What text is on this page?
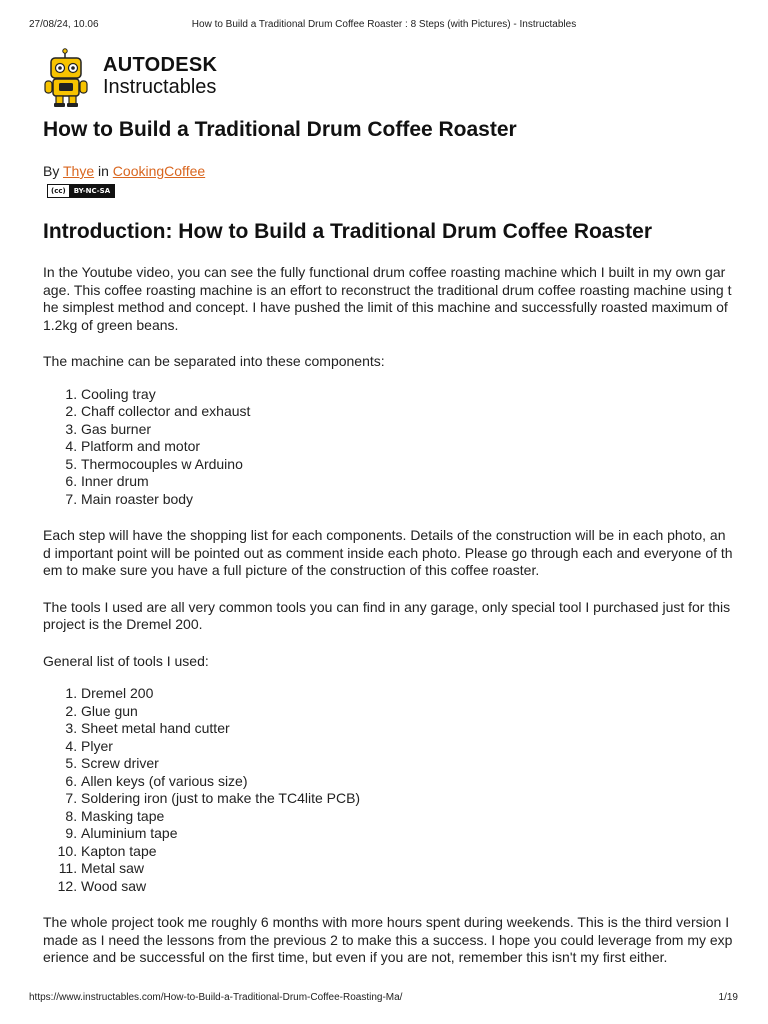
27/08/24, 10.06	How to Build a Traditional Drum Coffee Roaster : 8 Steps (with Pictures) - Instructables
AUTODESK
Instructables
How to Build a Traditional Drum Coffee Roaster
By Thye in CookingCoffee
(cc) BY-NC-SA
Introduction: How to Build a Traditional Drum Coffee Roaster

In the Youtube video, you can see the fully functional drum coffee roasting machine which I built in my own garage. This coffee roasting machine is an effort to reconstruct the traditional drum coffee roasting machine using the simplest method and concept. I have pushed the limit of this machine and successfully roasted maximum of 1.2kg of green beans.

The machine can be separated into these components:

1. Cooling tray
2. Chaff collector and exhaust
3. Gas burner
4. Platform and motor
5. Thermocouples w Arduino
6. Inner drum
7. Main roaster body

Each step will have the shopping list for each components. Details of the construction will be in each photo, and important point will be pointed out as comment inside each photo. Please go through each and everyone of them to make sure you have a full picture of the construction of this coffee roaster.

The tools I used are all very common tools you can find in any garage, only special tool I purchased just for this project is the Dremel 200.

General list of tools I used:

1. Dremel 200
2. Glue gun
3. Sheet metal hand cutter
4. Plyer
5. Screw driver
6. Allen keys (of various size)
7. Soldering iron (just to make the TC4lite PCB)
8. Masking tape
9. Aluminium tape
10. Kapton tape
11. Metal saw
12. Wood saw

The whole project took me roughly 6 months with more hours spent during weekends. This is the third version I made as I need the lessons from the previous 2 to make this a success. I hope you could leverage from my experience and be successful on the first time, but even if you are not, remember this isn't my first either.

https://www.instructables.com/How-to-Build-a-Traditional-Drum-Coffee-Roasting-Ma/	1/19
